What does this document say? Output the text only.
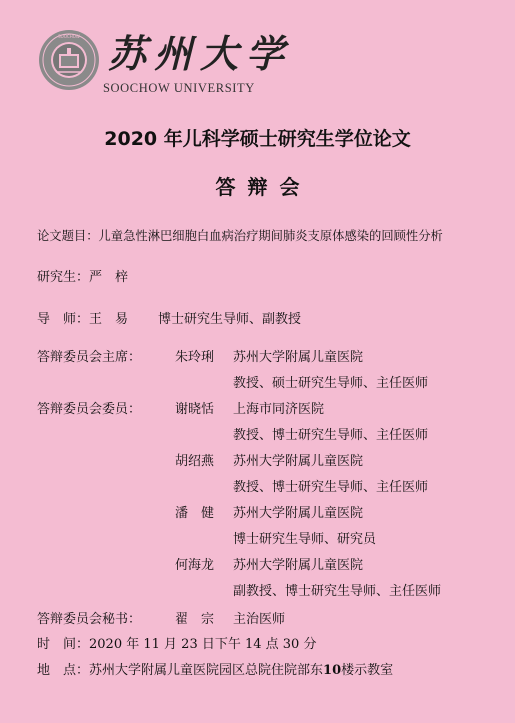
SOOCHOW 苏州大学
SOOCHOW UNIVERSITY
2020 年儿科学硕士研究生学位论文
答辩会
论文题目：儿童急性淋巴细胞白血病治疗期间肺炎支原体感染的回顾性分析
研究生：严　梓
导　师：王　易 博士研究生导师、副教授
答辩委员会主席：	朱玲琍 苏州大学附属儿童医院
教授、硕士研究生导师、主任医师
答辩委员会委员：	谢晓恬 上海市同济医院
教授、博士研究生导师、主任医师
胡绍燕 苏州大学附属儿童医院
教授、博士研究生导师、主任医师
潘　健 苏州大学附属儿童医院
博士研究生导师、研究员
何海龙 苏州大学附属儿童医院
副教授、博士研究生导师、主任医师
答辩委员会秘书：	翟　宗 主治医师
时　间：2020 年 11 月 23 日下午 14 点 30 分
地　点：苏州大学附属儿童医院园区总院住院部东10楼示教室
